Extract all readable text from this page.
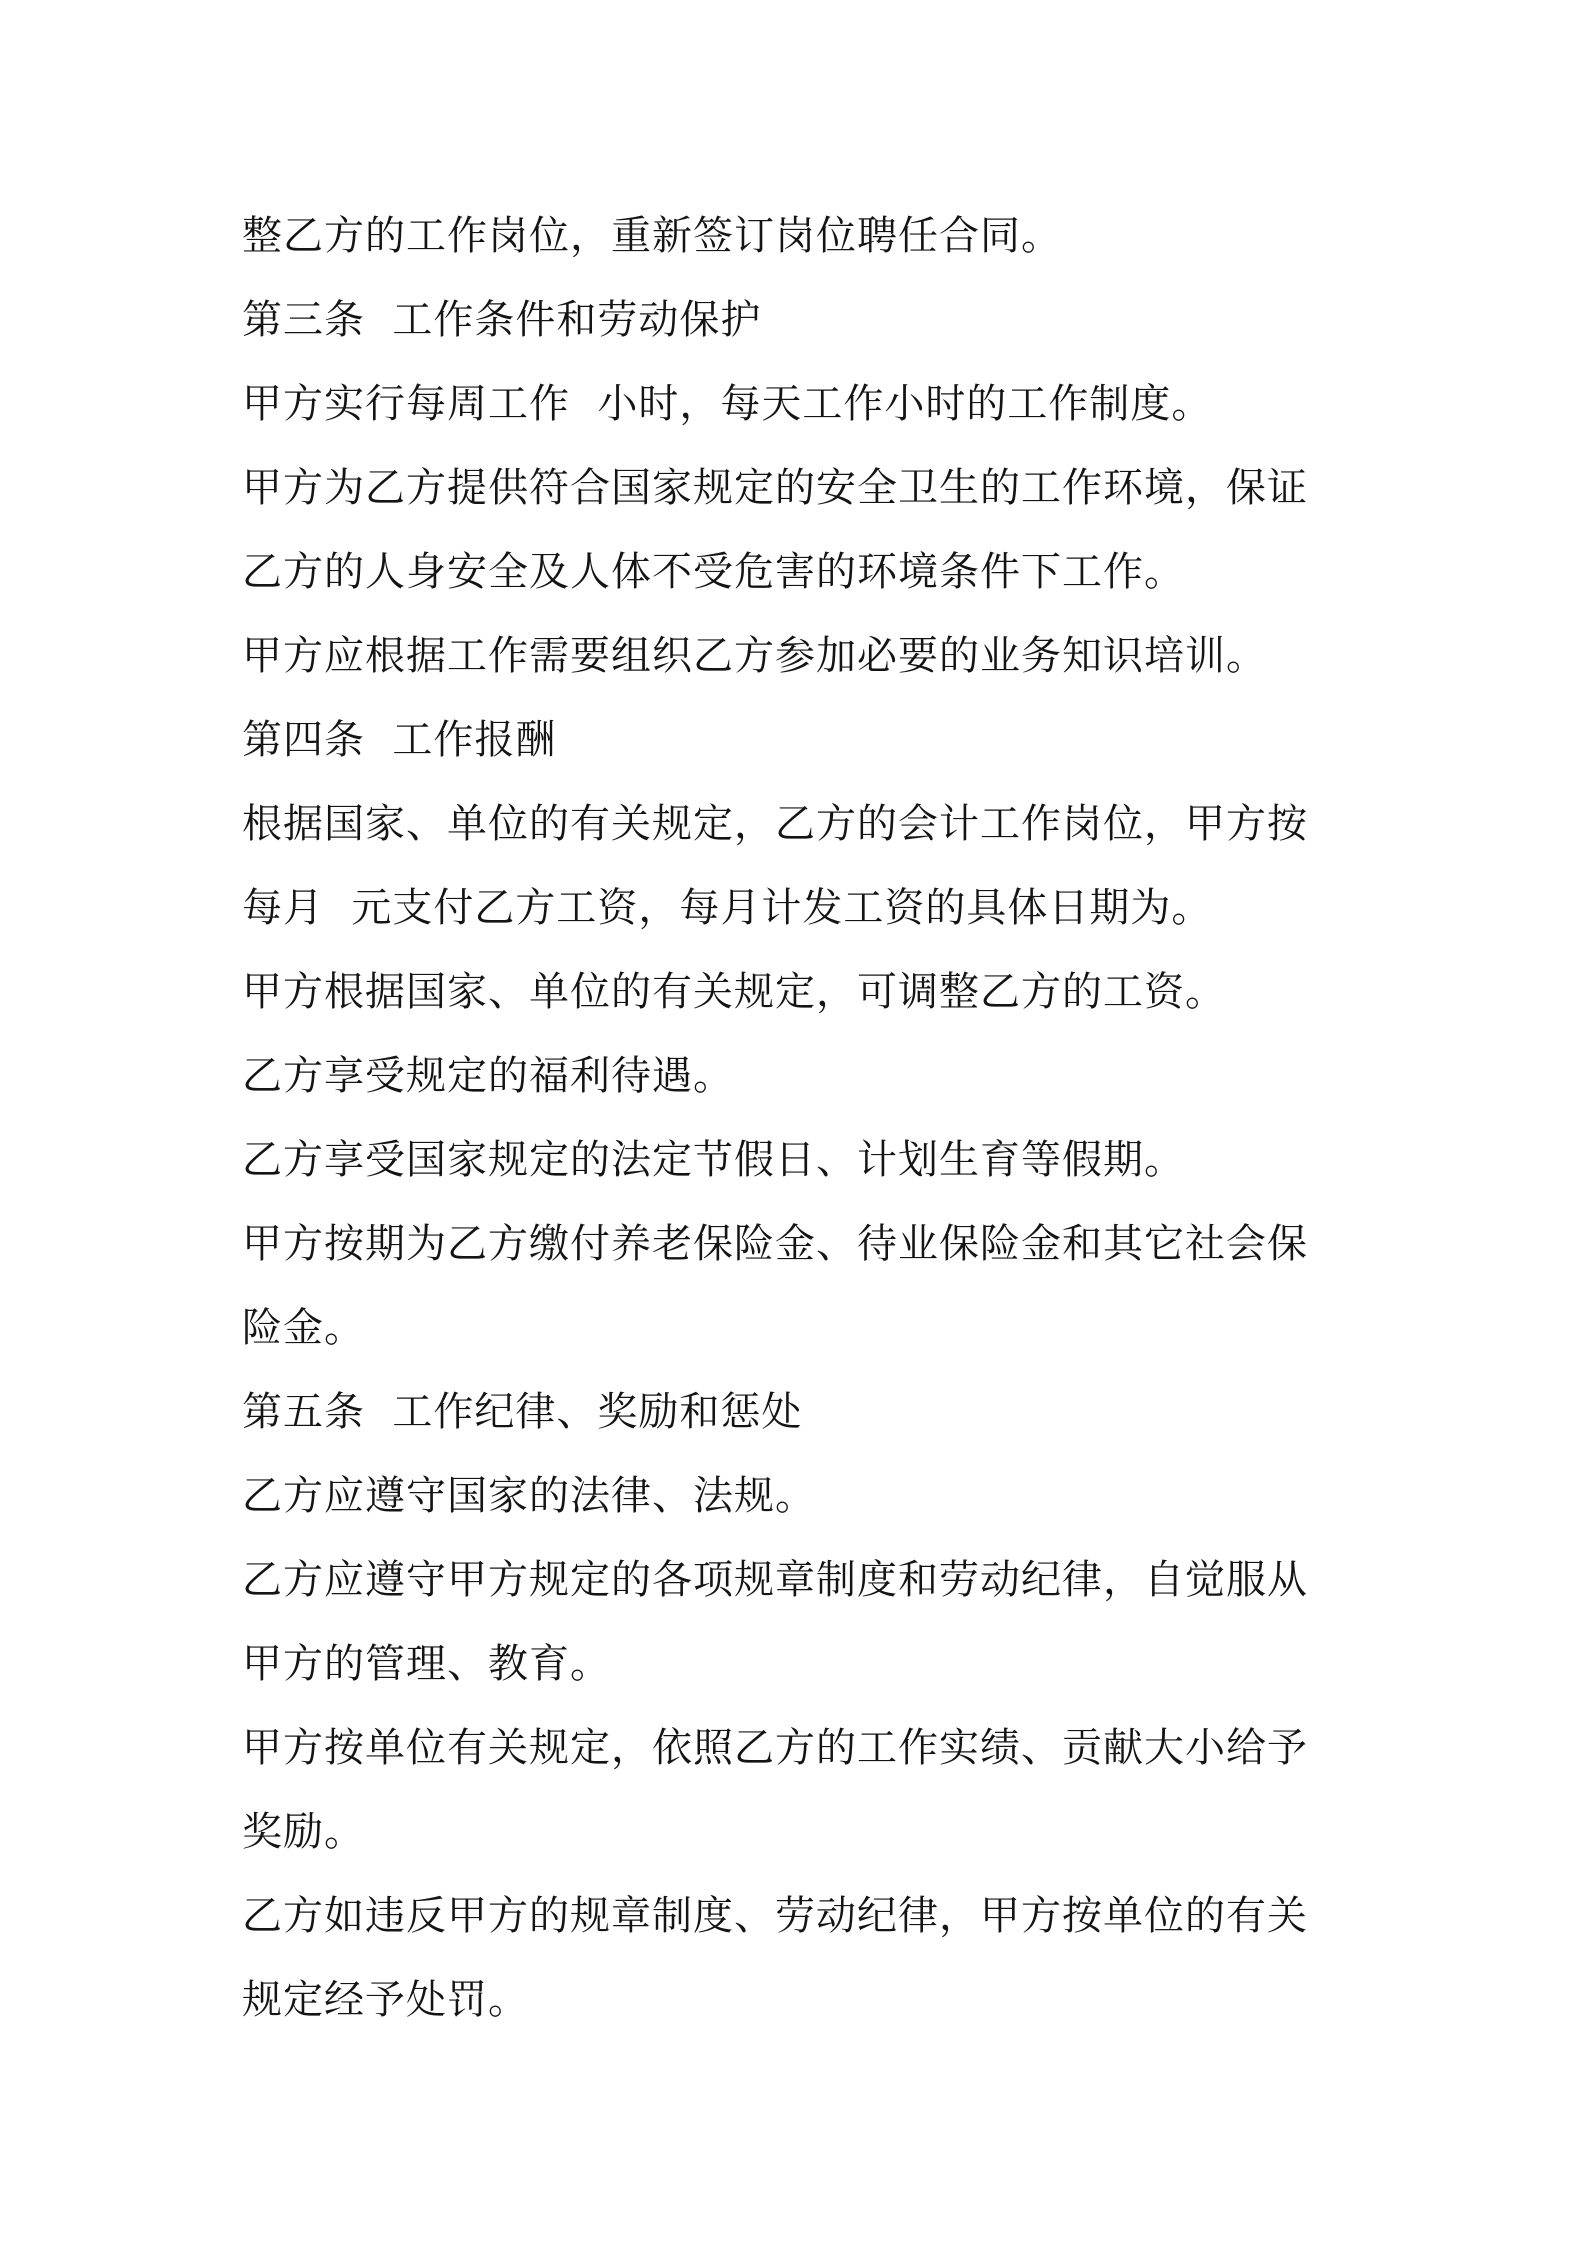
整乙方的工作岗位，重新签订岗位聘任合同。
第三条  工作条件和劳动保护
甲方实行每周工作  小时，每天工作小时的工作制度。
甲方为乙方提供符合国家规定的安全卫生的工作环境，保证
乙方的人身安全及人体不受危害的环境条件下工作。
甲方应根据工作需要组织乙方参加必要的业务知识培训。
第四条  工作报酬
根据国家、单位的有关规定，乙方的会计工作岗位，甲方按
每月  元支付乙方工资，每月计发工资的具体日期为。
甲方根据国家、单位的有关规定，可调整乙方的工资。
乙方享受规定的福利待遇。
乙方享受国家规定的法定节假日、计划生育等假期。
甲方按期为乙方缴付养老保险金、待业保险金和其它社会保
险金。
第五条  工作纪律、奖励和惩处
乙方应遵守国家的法律、法规。
乙方应遵守甲方规定的各项规章制度和劳动纪律，自觉服从
甲方的管理、教育。
甲方按单位有关规定，依照乙方的工作实绩、贡献大小给予
奖励。
乙方如违反甲方的规章制度、劳动纪律，甲方按单位的有关
规定经予处罚。
